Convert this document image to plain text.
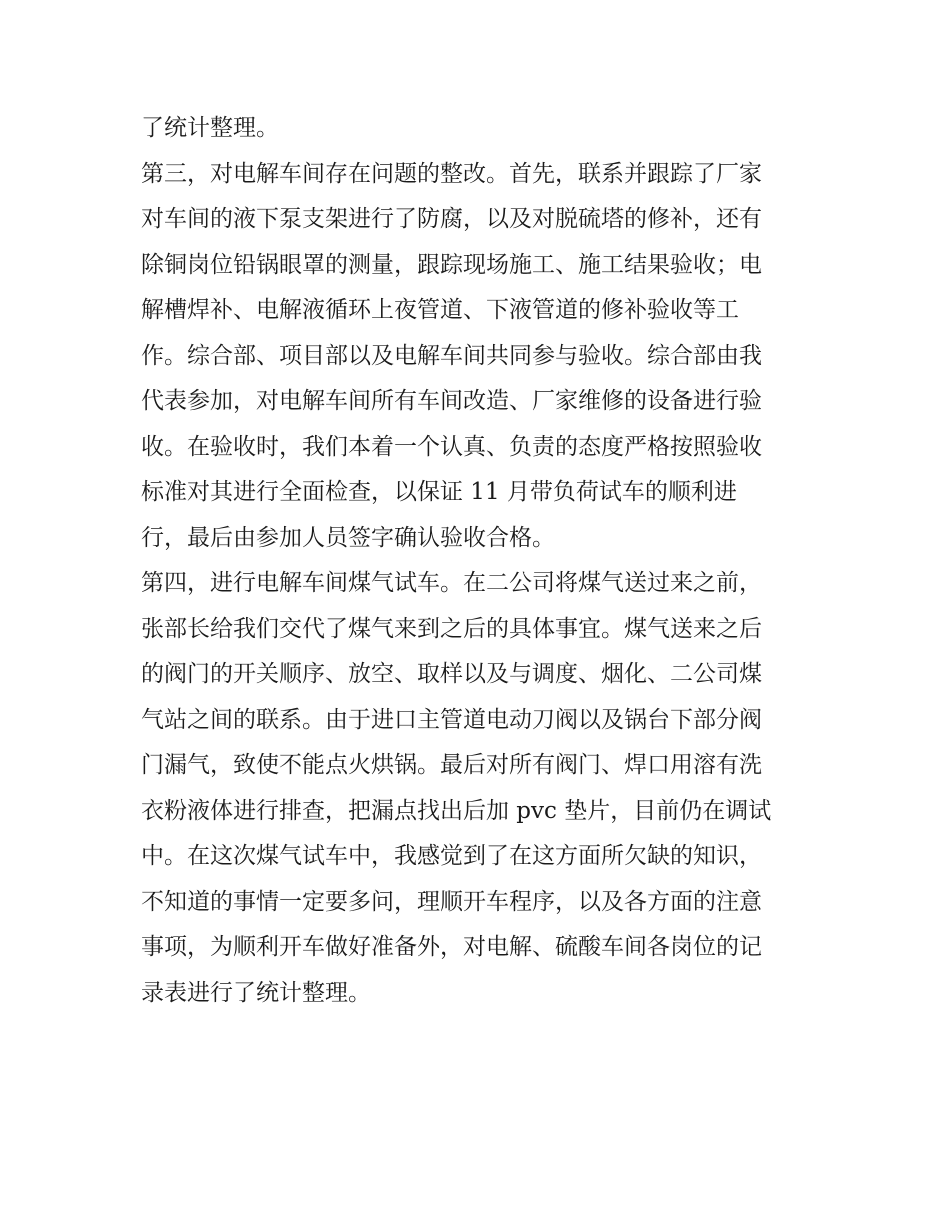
了统计整理。
第三，对电解车间存在问题的整改。首先，联系并跟踪了厂家
对车间的液下泵支架进行了防腐，以及对脱硫塔的修补，还有
除铜岗位铅锅眼罩的测量，跟踪现场施工、施工结果验收；电
解槽焊补、电解液循环上夜管道、下液管道的修补验收等工
作。综合部、项目部以及电解车间共同参与验收。综合部由我
代表参加，对电解车间所有车间改造、厂家维修的设备进行验
收。在验收时，我们本着一个认真、负责的态度严格按照验收
标准对其进行全面检查，以保证 11 月带负荷试车的顺利进
行，最后由参加人员签字确认验收合格。
第四，进行电解车间煤气试车。在二公司将煤气送过来之前，
张部长给我们交代了煤气来到之后的具体事宜。煤气送来之后
的阀门的开关顺序、放空、取样以及与调度、烟化、二公司煤
气站之间的联系。由于进口主管道电动刀阀以及锅台下部分阀
门漏气，致使不能点火烘锅。最后对所有阀门、焊口用溶有洗
衣粉液体进行排查，把漏点找出后加 pvc 垫片，目前仍在调试
中。在这次煤气试车中，我感觉到了在这方面所欠缺的知识，
不知道的事情一定要多问，理顺开车程序，以及各方面的注意
事项，为顺利开车做好准备外，对电解、硫酸车间各岗位的记
录表进行了统计整理。
